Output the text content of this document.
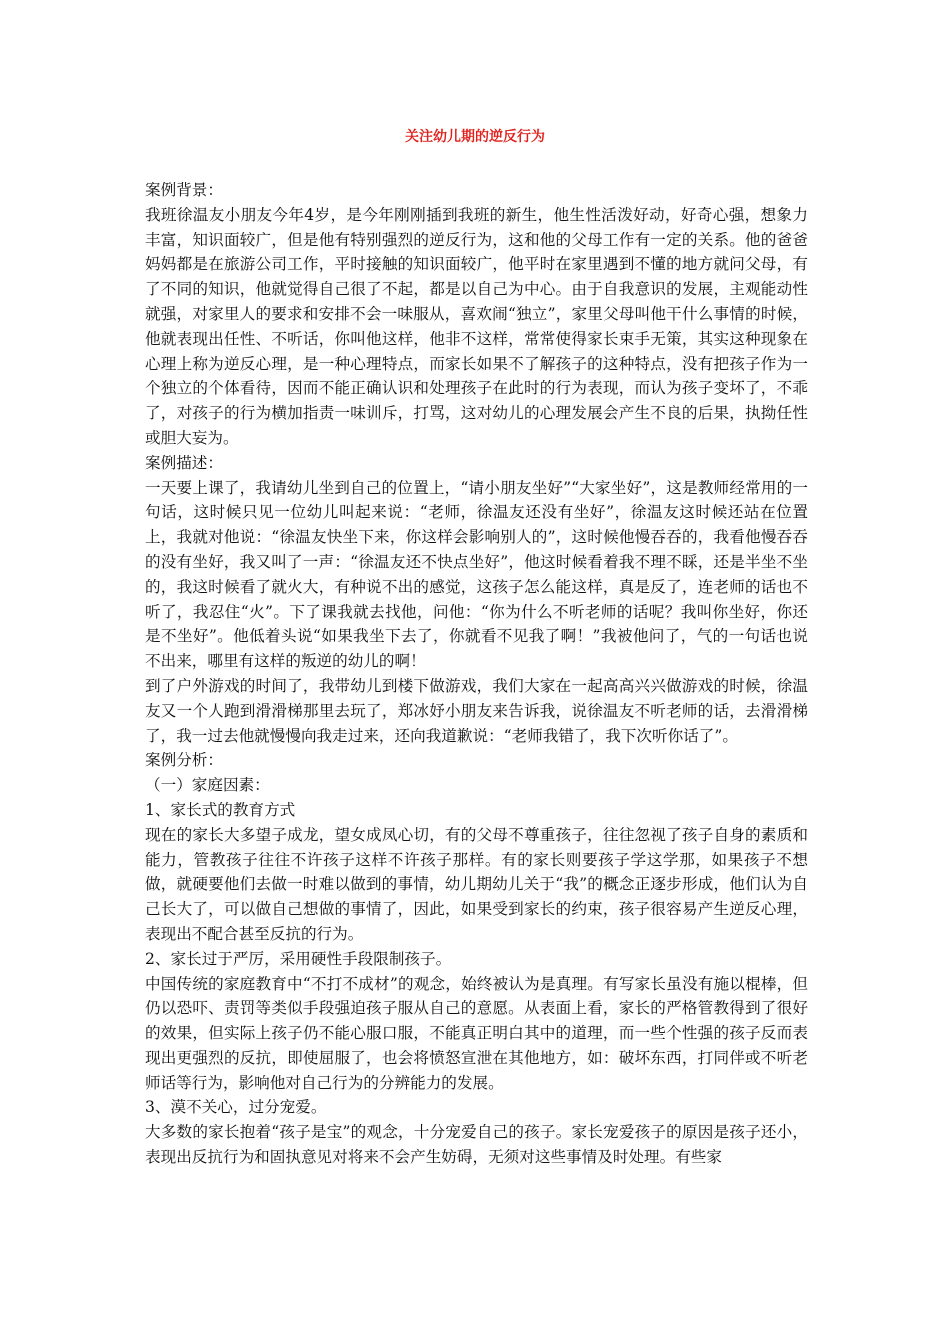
关注幼儿期的逆反行为

案例背景：

我班徐温友小朋友今年4岁，是今年刚刚插到我班的新生，他生性活泼好动，好奇心强，想象力丰富，知识面较广，但是他有特别强烈的逆反行为，这和他的父母工作有一定的关系。他的爸爸妈妈都是在旅游公司工作，平时接触的知识面较广，他平时在家里遇到不懂的地方就问父母，有了不同的知识，他就觉得自己很了不起，都是以自己为中心。由于自我意识的发展，主观能动性就强，对家里人的要求和安排不会一味服从，喜欢闹“独立”，家里父母叫他干什么事情的时候，他就表现出任性、不听话，你叫他这样，他非不这样，常常使得家长束手无策，其实这种现象在心理上称为逆反心理，是一种心理特点，而家长如果不了解孩子的这种特点，没有把孩子作为一个独立的个体看待，因而不能正确认识和处理孩子在此时的行为表现，而认为孩子变坏了，不乖了，对孩子的行为横加指责一味训斥，打骂，这对幼儿的心理发展会产生不良的后果，执拗任性或胆大妄为。

案例描述：

一天要上课了，我请幼儿坐到自己的位置上，“请小朋友坐好”“大家坐好”，这是教师经常用的一句话，这时候只见一位幼儿叫起来说：“老师，徐温友还没有坐好”，徐温友这时候还站在位置上，我就对他说：“徐温友快坐下来，你这样会影响别人的”，这时候他慢吞吞的，我看他慢吞吞的没有坐好，我又叫了一声：“徐温友还不快点坐好”，他这时候看着我不理不睬，还是半坐不坐的，我这时候看了就火大，有种说不出的感觉，这孩子怎么能这样，真是反了，连老师的话也不听了，我忍住“火”。下了课我就去找他，问他：“你为什么不听老师的话呢？我叫你坐好，你还是不坐好”。他低着头说“如果我坐下去了，你就看不见我了啊！”我被他问了，气的一句话也说不出来，哪里有这样的叛逆的幼儿的啊！

到了户外游戏的时间了，我带幼儿到楼下做游戏，我们大家在一起高高兴兴做游戏的时候，徐温友又一个人跑到滑滑梯那里去玩了，郑冰妤小朋友来告诉我，说徐温友不听老师的话，去滑滑梯了，我一过去他就慢慢向我走过来，还向我道歉说：“老师我错了，我下次听你话了”。

案例分析：

（一）家庭因素：

1、家长式的教育方式

现在的家长大多望子成龙，望女成凤心切，有的父母不尊重孩子，往往忽视了孩子自身的素质和能力，管教孩子往往不许孩子这样不许孩子那样。有的家长则要孩子学这学那，如果孩子不想做，就硬要他们去做一时难以做到的事情，幼儿期幼儿关于“我”的概念正逐步形成，他们认为自己长大了，可以做自己想做的事情了，因此，如果受到家长的约束，孩子很容易产生逆反心理，表现出不配合甚至反抗的行为。

2、家长过于严厉，采用硬性手段限制孩子。

中国传统的家庭教育中“不打不成材”的观念，始终被认为是真理。有写家长虽没有施以棍棒，但仍以恐吓、责罚等类似手段强迫孩子服从自己的意愿。从表面上看，家长的严格管教得到了很好的效果，但实际上孩子仍不能心服口服，不能真正明白其中的道理，而一些个性强的孩子反而表现出更强烈的反抗，即使屈服了，也会将愤怒宣泄在其他地方，如：破坏东西，打同伴或不听老师话等行为，影响他对自己行为的分辨能力的发展。

3、漠不关心，过分宠爱。

大多数的家长抱着“孩子是宝”的观念，十分宠爱自己的孩子。家长宠爱孩子的原因是孩子还小，表现出反抗行为和固执意见对将来不会产生妨碍，无须对这些事情及时处理。有些家
